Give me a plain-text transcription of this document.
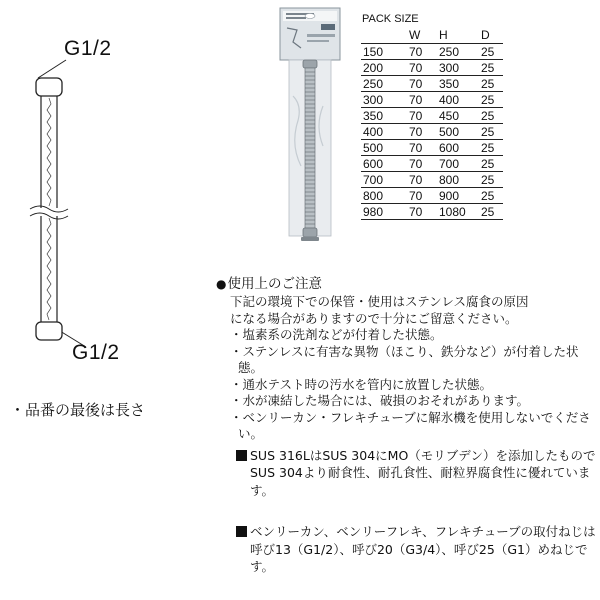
G1/2
G1/2
PACK SIZE
	W	H	D
150	70	250	25
200	70	300	25
250	70	350	25
300	70	400	25
350	70	450	25
400	70	500	25
500	70	600	25
600	70	700	25
700	70	800	25
800	70	900	25
980	70	1080	25
・品番の最後は長さ
●使用上のご注意
下記の環境下での保管・使用はステンレス腐食の原因
になる場合がありますので十分にご留意ください。
・塩素系の洗剤などが付着した状態。
・ステンレスに有害な異物（ほこり、鉄分など）が付着した状態。
・通水テスト時の汚水を管内に放置した状態。
・水が凍結した場合には、破損のおそれがあります。
・ベンリーカン・フレキチューブに解氷機を使用しないでください。
SUS 316LはSUS 304にMO（モリブデン）を添加したものでSUS 304より耐食性、耐孔食性、耐粒界腐食性に優れています。
ベンリーカン、ベンリーフレキ、フレキチューブの取付ねじは呼び13（G1/2）、呼び20（G3/4）、呼び25（G1）めねじです。
